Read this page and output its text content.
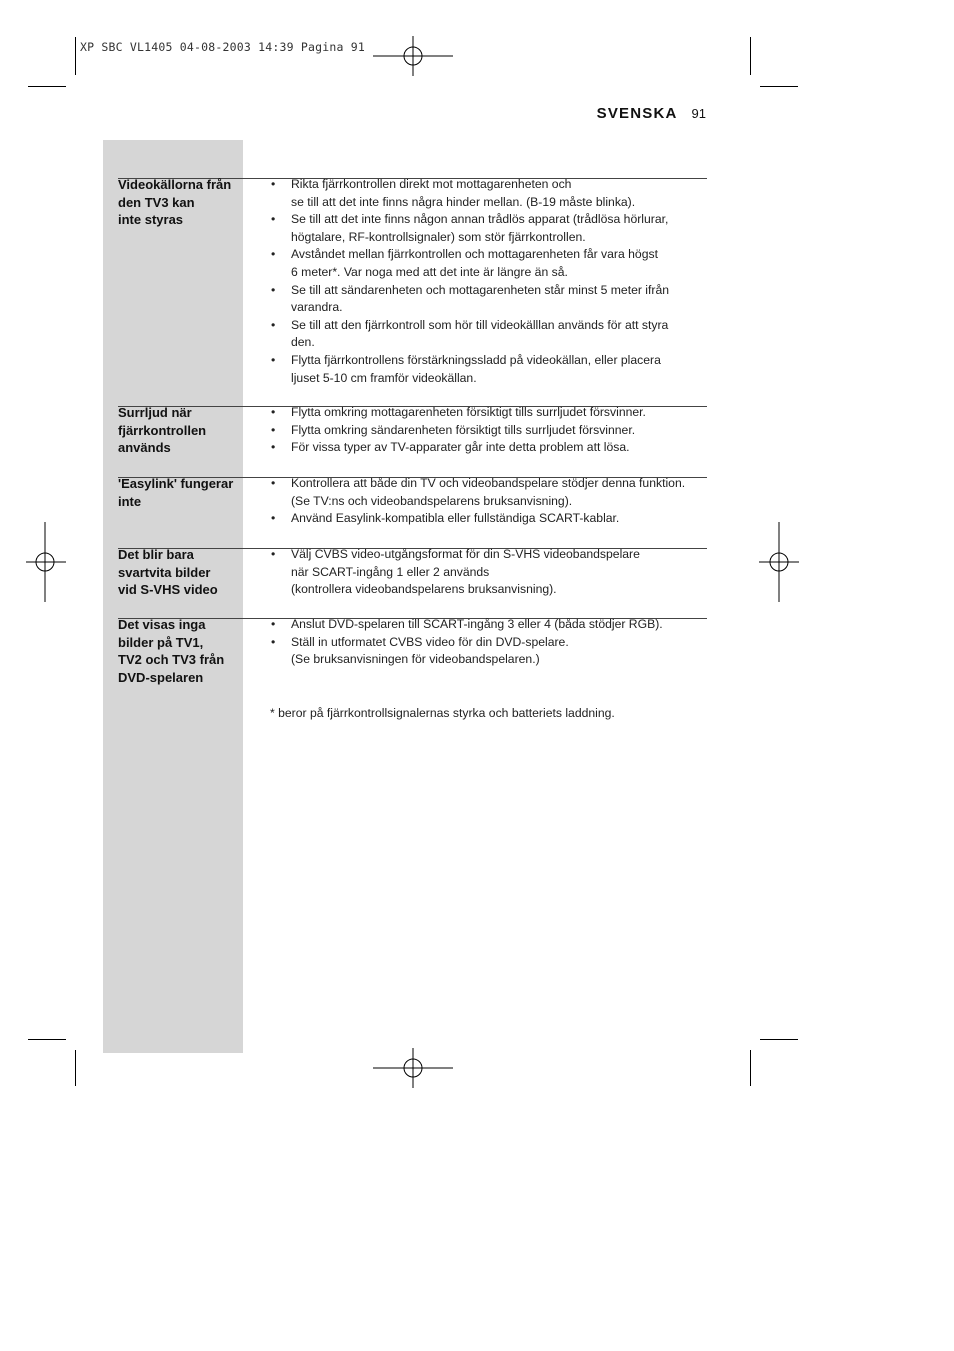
XP SBC VL1405 04-08-2003 14:39 Pagina 91
SVENSKA 91
Videokällorna från
den TV3 kan
inte styras
• Rikta fjärrkontrollen direkt mot mottagarenheten och
se till att det inte finns några hinder mellan. (B-19 måste blinka).
• Se till att det inte finns någon annan trådlös apparat (trådlösa hörlurar,
högtalare, RF-kontrollsignaler) som stör fjärrkontrollen.
• Avståndet mellan fjärrkontrollen och mottagarenheten får vara högst
6 meter*. Var noga med att det inte är längre än så.
• Se till att sändarenheten och mottagarenheten står minst 5 meter ifrån
varandra.
• Se till att den fjärrkontroll som hör till videokälllan används för att styra
den.
• Flytta fjärrkontrollens förstärkningssladd på videokällan, eller placera
ljuset 5-10 cm framför videokällan.
Surrljud när
fjärrkontrollen
används
• Flytta omkring mottagarenheten försiktigt tills surrljudet försvinner.
• Flytta omkring sändarenheten försiktigt tills surrljudet försvinner.
• För vissa typer av TV-apparater går inte detta problem att lösa.
'Easylink' fungerar
inte
• Kontrollera att både din TV och videobandspelare stödjer denna funktion.
(Se TV:ns och videobandspelarens bruksanvisning).
• Använd Easylink-kompatibla eller fullständiga SCART-kablar.
Det blir bara
svartvita bilder
vid S-VHS video
• Välj CVBS video-utgångsformat för din S-VHS videobandspelare
när SCART-ingång 1 eller 2 används
(kontrollera videobandspelarens bruksanvisning).
Det visas inga
bilder på TV1,
TV2 och TV3 från
DVD-spelaren
• Anslut DVD-spelaren till SCART-ingång 3 eller 4 (båda stödjer RGB).
• Ställ in utformatet CVBS video för din DVD-spelare.
(Se bruksanvisningen för videobandspelaren.)
* beror på fjärrkontrollsignalernas styrka och batteriets laddning.
